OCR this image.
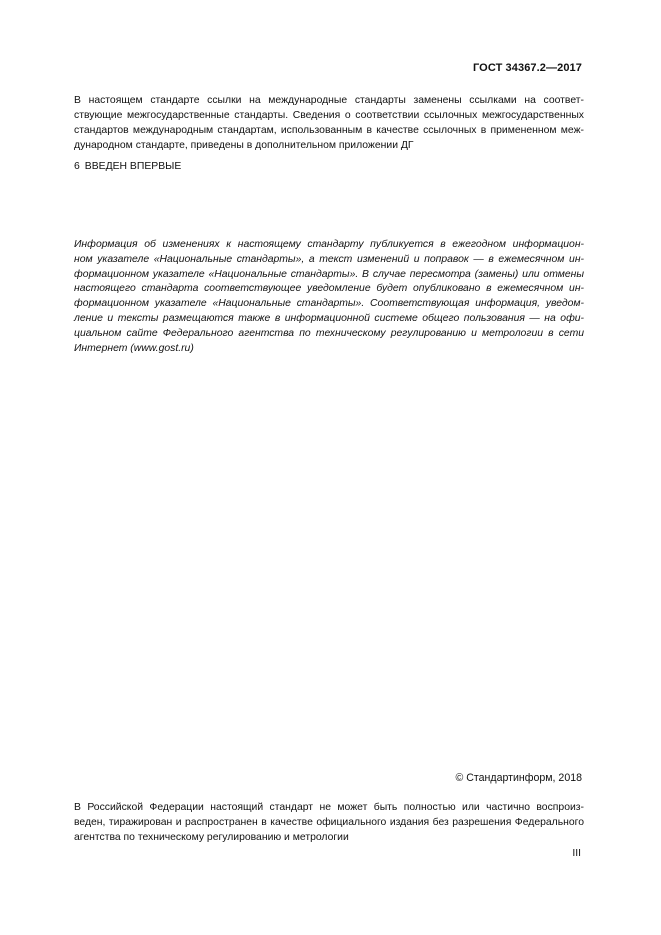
ГОСТ 34367.2—2017

В настоящем стандарте ссылки на международные стандарты заменены ссылками на соответ-
ствующие межгосударственные стандарты. Сведения о соответствии ссылочных межгосударственных
стандартов международным стандартам, использованным в качестве ссылочных в примененном меж-
дународном стандарте, приведены в дополнительном приложении ДГ

6 ВВЕДЕН ВПЕРВЫЕ

Информация об изменениях к настоящему стандарту публикуется в ежегодном информацион-
ном указателе «Национальные стандарты», а текст изменений и поправок — в ежемесячном ин-
формационном указателе «Национальные стандарты». В случае пересмотра (замены) или отмены
настоящего стандарта соответствующее уведомление будет опубликовано в ежемесячном ин-
формационном указателе «Национальные стандарты». Соответствующая информация, уведом-
ление и тексты размещаются также в информационной системе общего пользования — на офи-
циальном сайте Федерального агентства по техническому регулированию и метрологии в сети
Интернет (www.gost.ru)

© Стандартинформ, 2018

В Российской Федерации настоящий стандарт не может быть полностью или частично воспроиз-
веден, тиражирован и распространен в качестве официального издания без разрешения Федерального
агентства по техническому регулированию и метрологии

III
